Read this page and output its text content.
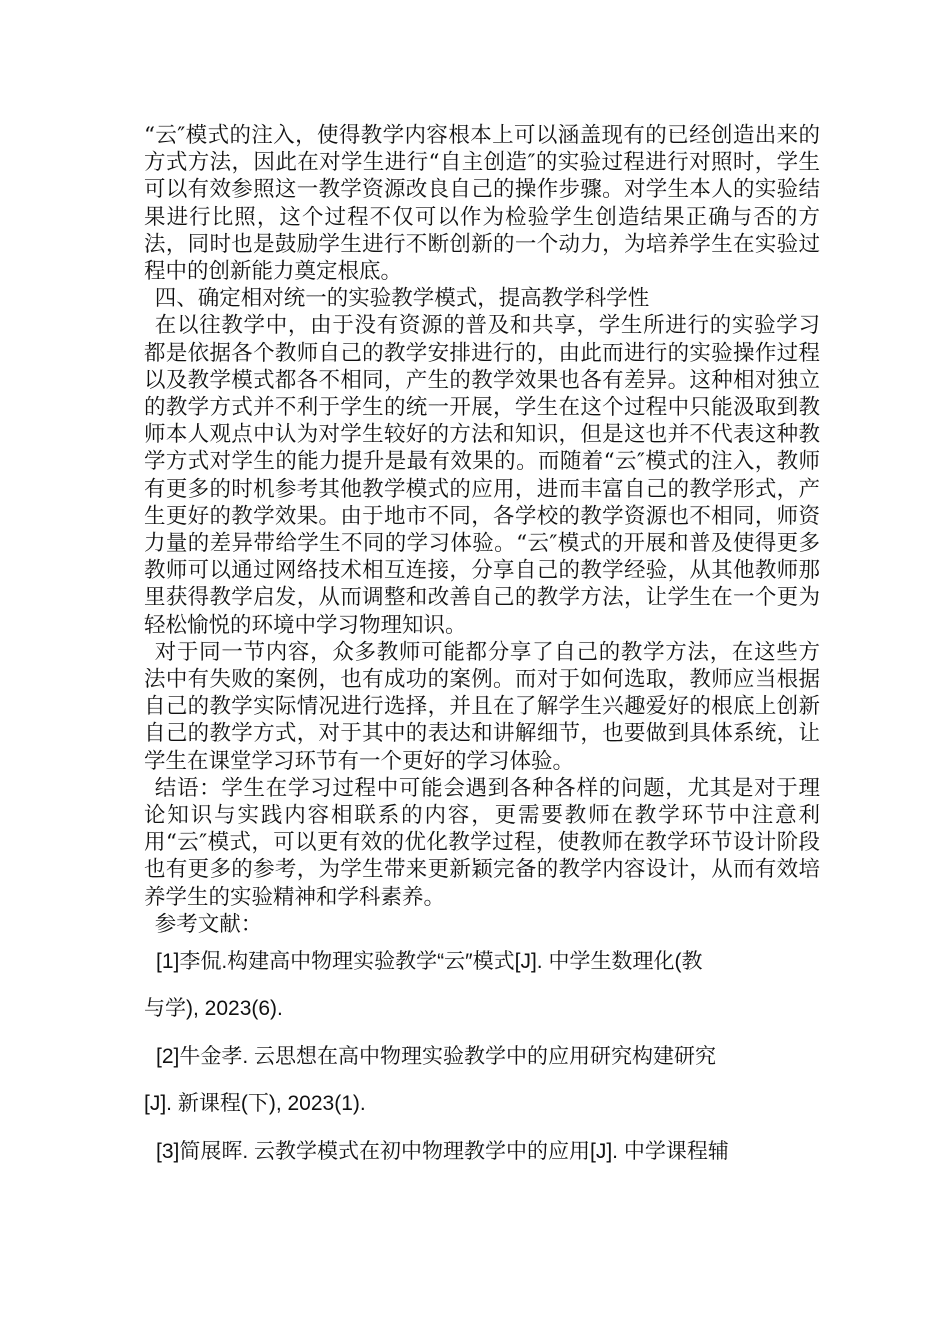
“云″模式的注入，使得教学内容根本上可以涵盖现有的已经创造出来的方式方法，因此在对学生进行“自主创造″的实验过程进行对照时，学生可以有效参照这一教学资源改良自己的操作步骤。对学生本人的实验结果进行比照，这个过程不仅可以作为检验学生创造结果正确与否的方法，同时也是鼓励学生进行不断创新的一个动力，为培养学生在实验过程中的创新能力奠定根底。

四、确定相对统一的实验教学模式，提高教学科学性

在以往教学中，由于没有资源的普及和共享，学生所进行的实验学习都是依据各个教师自己的教学安排进行的，由此而进行的实验操作过程以及教学模式都各不相同，产生的教学效果也各有差异。这种相对独立的教学方式并不利于学生的统一开展，学生在这个过程中只能汲取到教师本人观点中认为对学生较好的方法和知识，但是这也并不代表这种教学方式对学生的能力提升是最有效果的。而随着“云″模式的注入，教师有更多的时机参考其他教学模式的应用，进而丰富自己的教学形式，产生更好的教学效果。由于地市不同，各学校的教学资源也不相同，师资力量的差异带给学生不同的学习体验。“云″模式的开展和普及使得更多教师可以通过网络技术相互连接，分享自己的教学经验，从其他教师那里获得教学启发，从而调整和改善自己的教学方法，让学生在一个更为轻松愉悦的环境中学习物理知识。

对于同一节内容，众多教师可能都分享了自己的教学方法，在这些方法中有失败的案例，也有成功的案例。而对于如何选取，教师应当根据自己的教学实际情况进行选择，并且在了解学生兴趣爱好的根底上创新自己的教学方式，对于其中的表达和讲解细节，也要做到具体系统，让学生在课堂学习环节有一个更好的学习体验。

结语：学生在学习过程中可能会遇到各种各样的问题，尤其是对于理论知识与实践内容相联系的内容，更需要教师在教学环节中注意利用“云″模式，可以更有效的优化教学过程，使教师在教学环节设计阶段也有更多的参考，为学生带来更新颖完备的教学内容设计，从而有效培养学生的实验精神和学科素养。

参考文献：

[1]李侃.构建高中物理实验教学“云″模式[J]. 中学生数理化(教
与学), 2023(6).
[2]牛金孝. 云思想在高中物理实验教学中的应用研究构建研究
[J]. 新课程(下), 2023(1).
[3]简展晖. 云教学模式在初中物理教学中的应用[J]. 中学课程辅
